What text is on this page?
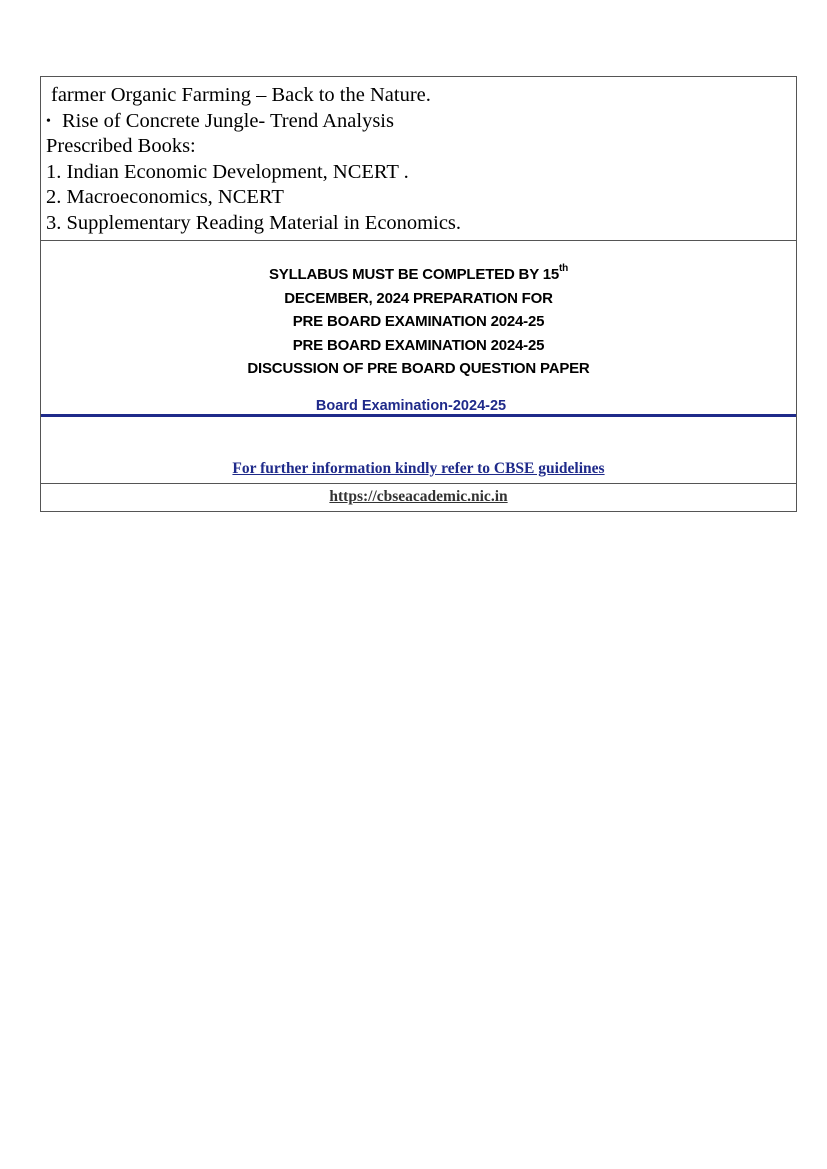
farmer Organic Farming – Back to the Nature.
• Rise of Concrete Jungle- Trend Analysis
Prescribed Books:
1. Indian Economic Development, NCERT .
2. Macroeconomics, NCERT
3. Supplementary Reading Material in Economics.
SYLLABUS MUST BE COMPLETED BY 15th
DECEMBER, 2024 PREPARATION FOR
PRE BOARD EXAMINATION 2024-25
PRE BOARD EXAMINATION 2024-25
DISCUSSION OF PRE BOARD QUESTION PAPER
Board Examination-2024-25
For further information kindly refer to CBSE guidelines
https://cbseacademic.nic.in
